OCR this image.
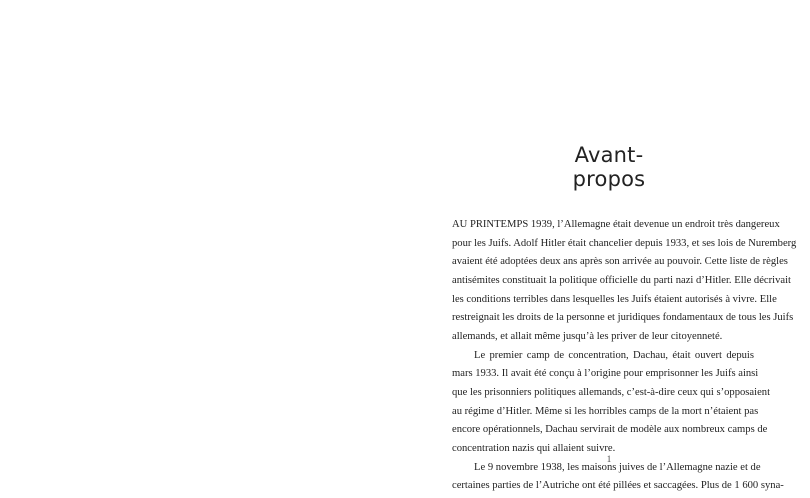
Avant-propos
AU PRINTEMPS 1939, l’Allemagne était devenue un endroit très dangereux
pour les Juifs. Adolf Hitler était chancelier depuis 1933, et ses lois de Nuremberg
avaient été adoptées deux ans après son arrivée au pouvoir. Cette liste de règles
antisémites constituait la politique officielle du parti nazi d’Hitler. Elle décrivait
les conditions terribles dans lesquelles les Juifs étaient autorisés à vivre. Elle
restreignait les droits de la personne et juridiques fondamentaux de tous les Juifs
allemands, et allait même jusqu’à les priver de leur citoyenneté.
Le premier camp de concentration, Dachau, était ouvert depuis
mars 1933. Il avait été conçu à l’origine pour emprisonner les Juifs ainsi
que les prisonniers politiques allemands, c’est-à-dire ceux qui s’opposaient
au régime d’Hitler. Même si les horribles camps de la mort n’étaient pas
encore opérationnels, Dachau servirait de modèle aux nombreux camps de
concentration nazis qui allaient suivre.
Le 9 novembre 1938, les maisons juives de l’Allemagne nazie et de
certaines parties de l’Autriche ont été pillées et saccagées. Plus de 1 600 syna-
1
